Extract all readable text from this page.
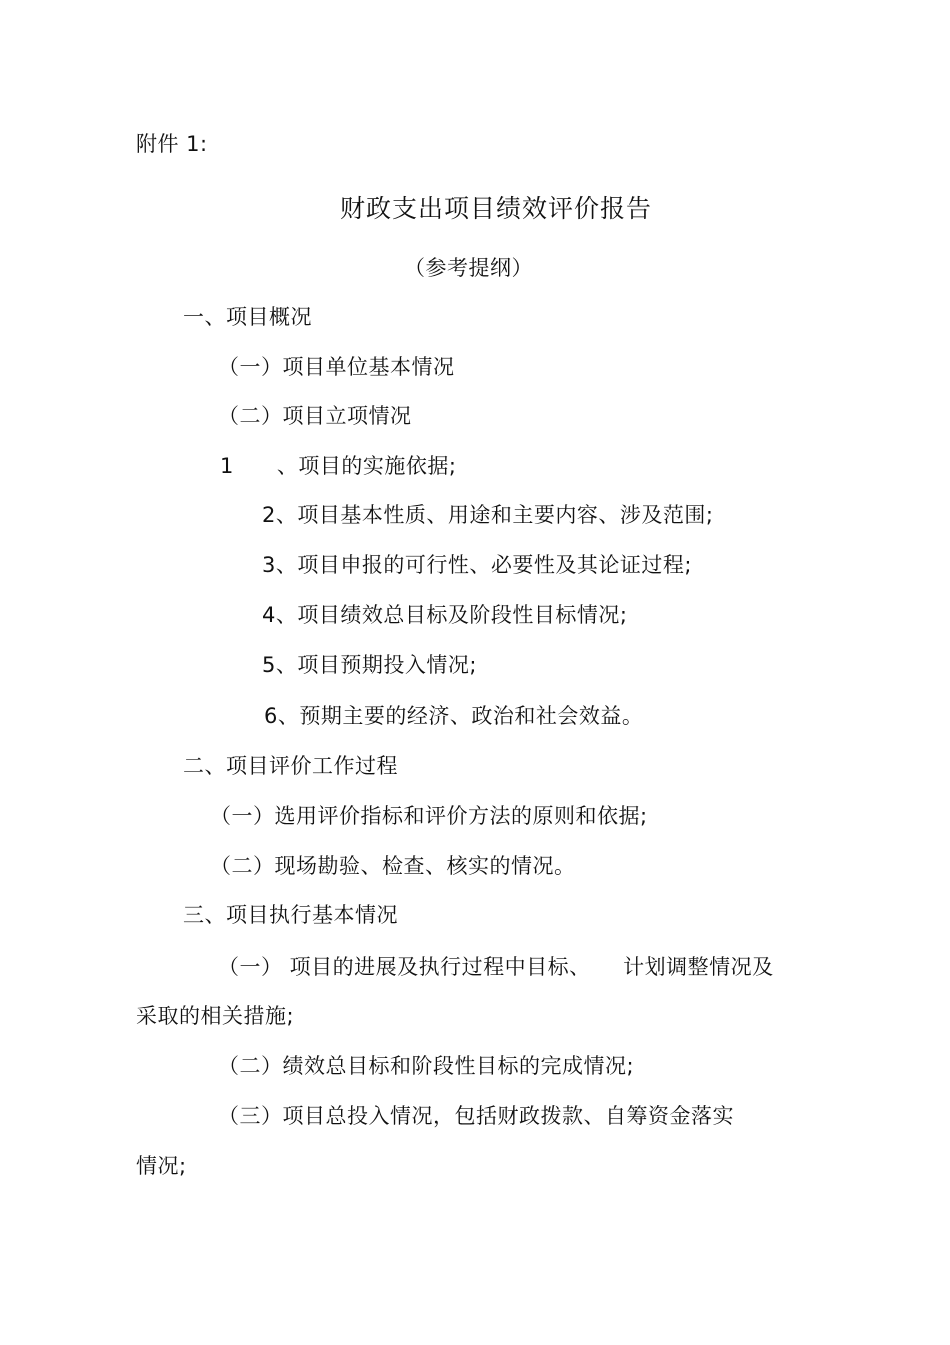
附件 1:
财政支出项目绩效评价报告
（参考提纲）
一、项目概况
（一）项目单位基本情况
（二）项目立项情况
1　　、项目的实施依据;
2、项目基本性质、用途和主要内容、涉及范围;
3、项目申报的可行性、必要性及其论证过程;
4、项目绩效总目标及阶段性目标情况;
5、项目预期投入情况;
6、预期主要的经济、政治和社会效益。
二、项目评价工作过程
（一）选用评价指标和评价方法的原则和依据;
（二）现场勘验、检查、核实的情况。
三、项目执行基本情况
（一） 项目的进展及执行过程中目标、　　计划调整情况及
采取的相关措施;
（二）绩效总目标和阶段性目标的完成情况;
（三）项目总投入情况，包括财政拨款、自筹资金落实
情况;
